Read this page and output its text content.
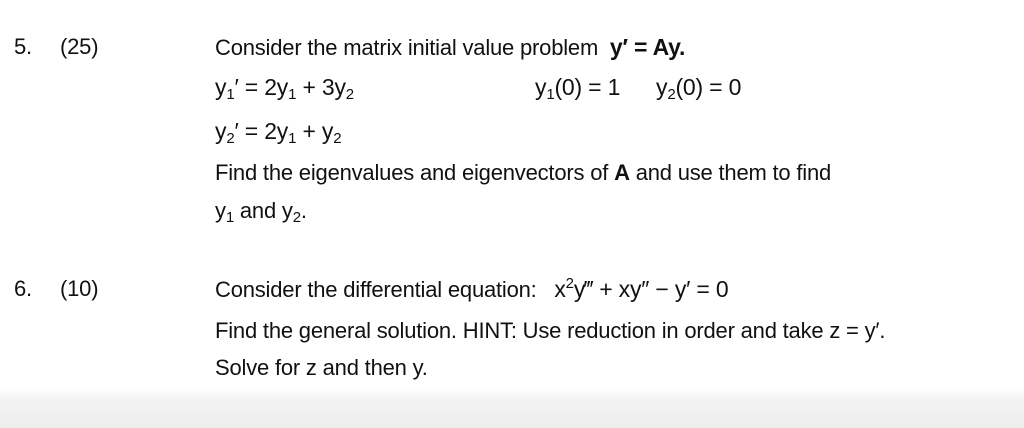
5. (25)	Consider the matrix initial value problem y′ = Ay.
$y_1' = 2y_1 + 3y_2$	$y_1(0) = 1$ $y_2(0) = 0$
$y_2' = 2y_1 + y_2$
Find the eigenvalues and eigenvectors of A and use them to find
$y_1$ and $y_2$.
6. (10)	Consider the differential equation: $x^2y‴ + xy'' - y' = 0$
Find the general solution. HINT: Use reduction in order and take z = y′.
Solve for z and then y.
